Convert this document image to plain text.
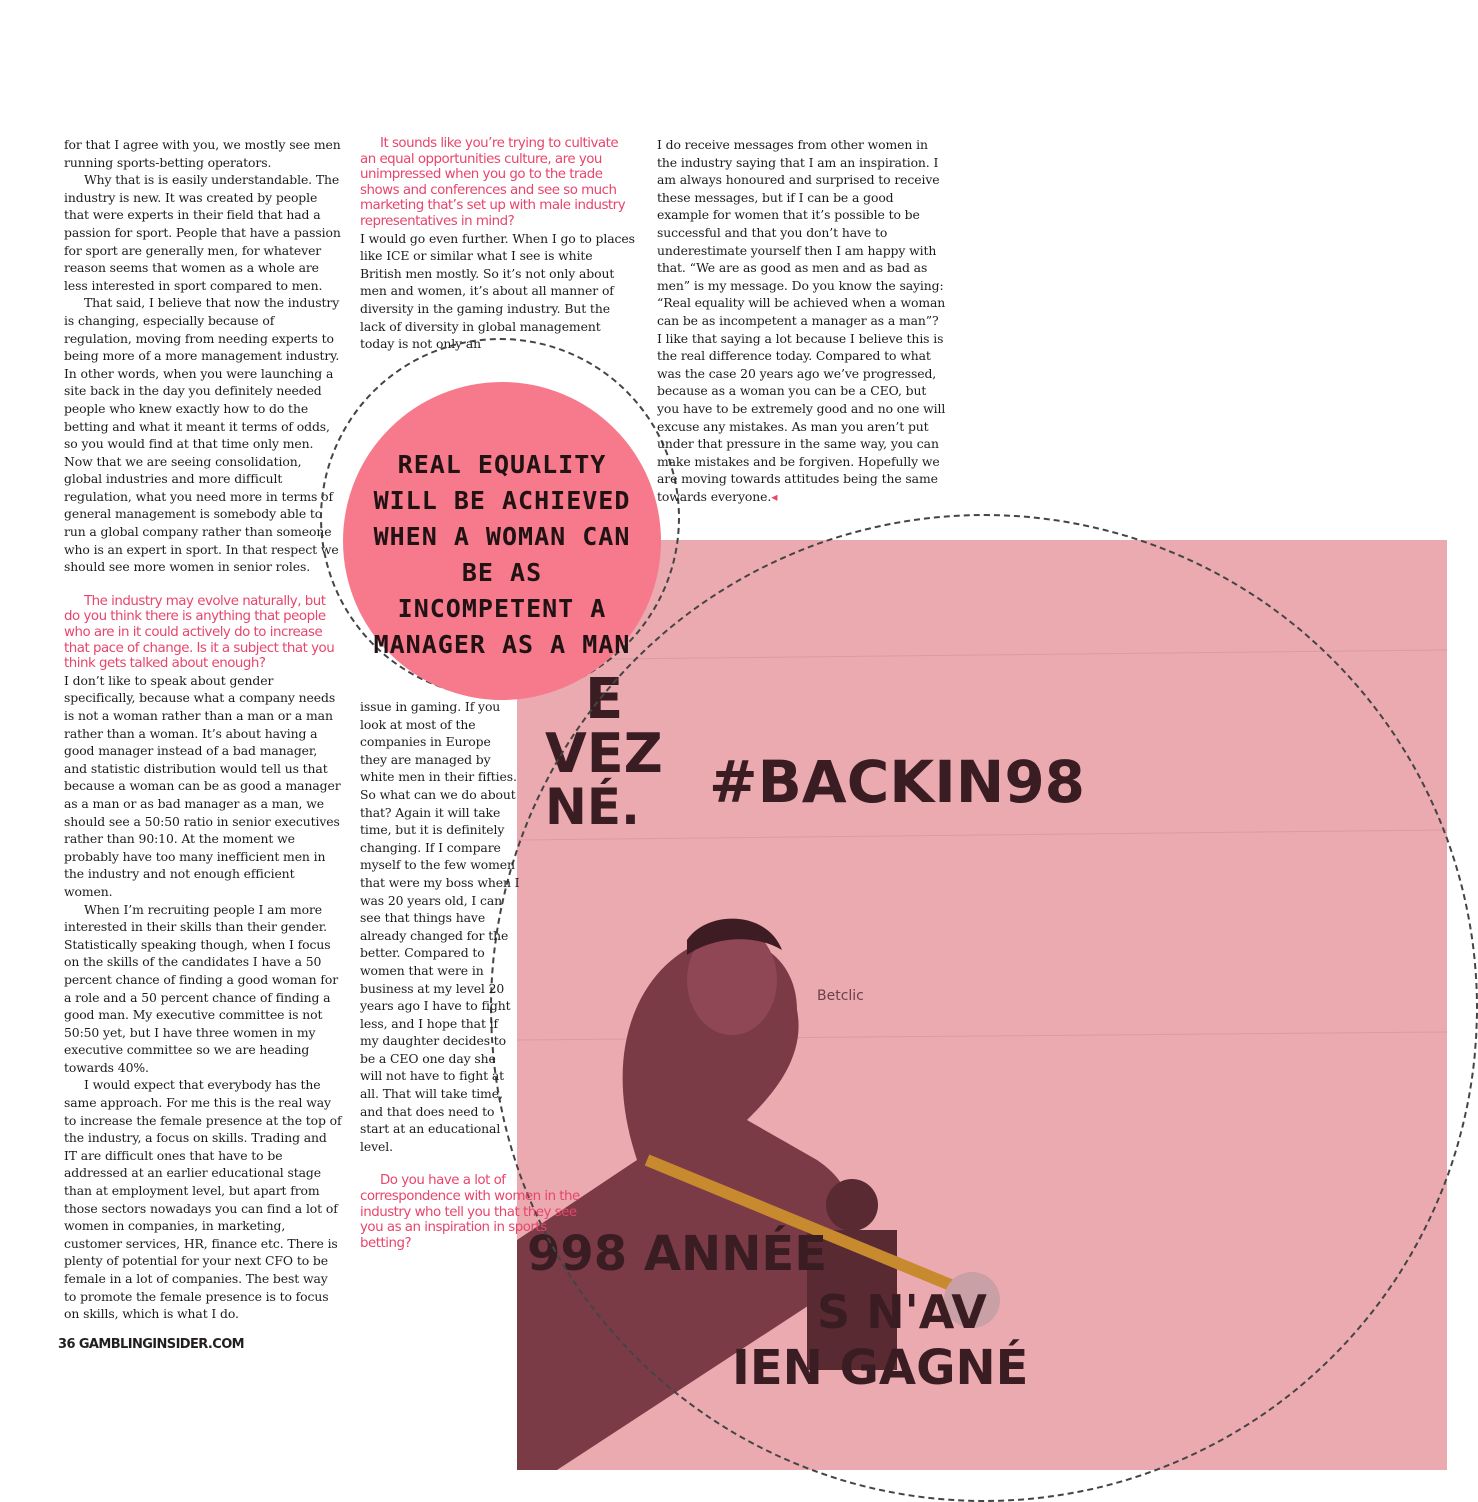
E
VEZ
NÉ. #BACKIN98
Betclic
998 ANNÉE
S N'AV
IEN GAGNÉ

for that I agree with you, we mostly see men running sports-betting operators.

Why that is is easily understandable. The industry is new. It was created by people that were experts in their field that had a passion for sport. People that have a passion for sport are generally men, for whatever reason seems that women as a whole are less interested in sport compared to men.

That said, I believe that now the industry is changing, especially because of regulation, moving from needing experts to being more of a more management industry. In other words, when you were launching a site back in the day you definitely needed people who knew exactly how to do the betting and what it meant it terms of odds, so you would find at that time only men. Now that we are seeing consolidation, global industries and more difficult regulation, what you need more in terms of general management is somebody able to run a global company rather than someone who is an expert in sport. In that respect we should see more women in senior roles.

The industry may evolve naturally, but do you think there is anything that people who are in it could actively do to increase that pace of change. Is it a subject that you think gets talked about enough?

I don’t like to speak about gender specifically, because what a company needs is not a woman rather than a man or a man rather than a woman. It’s about having a good manager instead of a bad manager, and statistic distribution would tell us that because a woman can be as good a manager as a man or as bad manager as a man, we should see a 50:50 ratio in senior executives rather than 90:10. At the moment we probably have too many inefficient men in the industry and not enough efficient women.

When I’m recruiting people I am more interested in their skills than their gender. Statistically speaking though, when I focus on the skills of the candidates I have a 50 percent chance of finding a good woman for a role and a 50 percent chance of finding a good man. My executive committee is not 50:50 yet, but I have three women in my executive committee so we are heading towards 40%.

I would expect that everybody has the same approach. For me this is the real way to increase the female presence at the top of the industry, a focus on skills. Trading and IT are difficult ones that have to be addressed at an earlier educational stage than at employment level, but apart from those sectors nowadays you can find a lot of women in companies, in marketing, customer services, HR, finance etc. There is plenty of potential for your next CFO to be female in a lot of companies. The best way to promote the female presence is to focus on skills, which is what I do.

It sounds like you’re trying to cultivate an equal opportunities culture, are you unimpressed when you go to the trade shows and conferences and see so much marketing that’s set up with male industry representatives in mind?

I would go even further. When I go to places like ICE or similar what I see is white British men mostly. So it’s not only about men and women, it’s about all manner of diversity in the gaming industry. But the lack of diversity in global management today is not only an

REAL EQUALITY WILL BE ACHIEVED WHEN A WOMAN CAN BE AS INCOMPETENT A MANAGER AS A MAN

issue in gaming. If you look at most of the companies in Europe they are managed by white men in their fifties. So what can we do about that? Again it will take time, but it is definitely changing. If I compare myself to the few women that were my boss when I was 20 years old, I can see that things have already changed for the better. Compared to women that were in business at my level 20 years ago I have to fight less, and I hope that if my daughter decides to be a CEO one day she will not have to fight at all. That will take time, and that does need to start at an educational level.

Do you have a lot of correspondence with women in the industry who tell you that they see you as an inspiration in sports betting?

I do receive messages from other women in the industry saying that I am an inspiration. I am always honoured and surprised to receive these messages, but if I can be a good example for women that it’s possible to be successful and that you don’t have to underestimate yourself then I am happy with that. “We are as good as men and as bad as men” is my message. Do you know the saying: “Real equality will be achieved when a woman can be as incompetent a manager as a man”? I like that saying a lot because I believe this is the real difference today. Compared to what was the case 20 years ago we’ve progressed, because as a woman you can be a CEO, but you have to be extremely good and no one will excuse any mistakes. As man you aren’t put under that pressure in the same way, you can make mistakes and be forgiven. Hopefully we are moving towards attitudes being the same towards everyone.◂

36 GAMBLINGINSIDER.COM
